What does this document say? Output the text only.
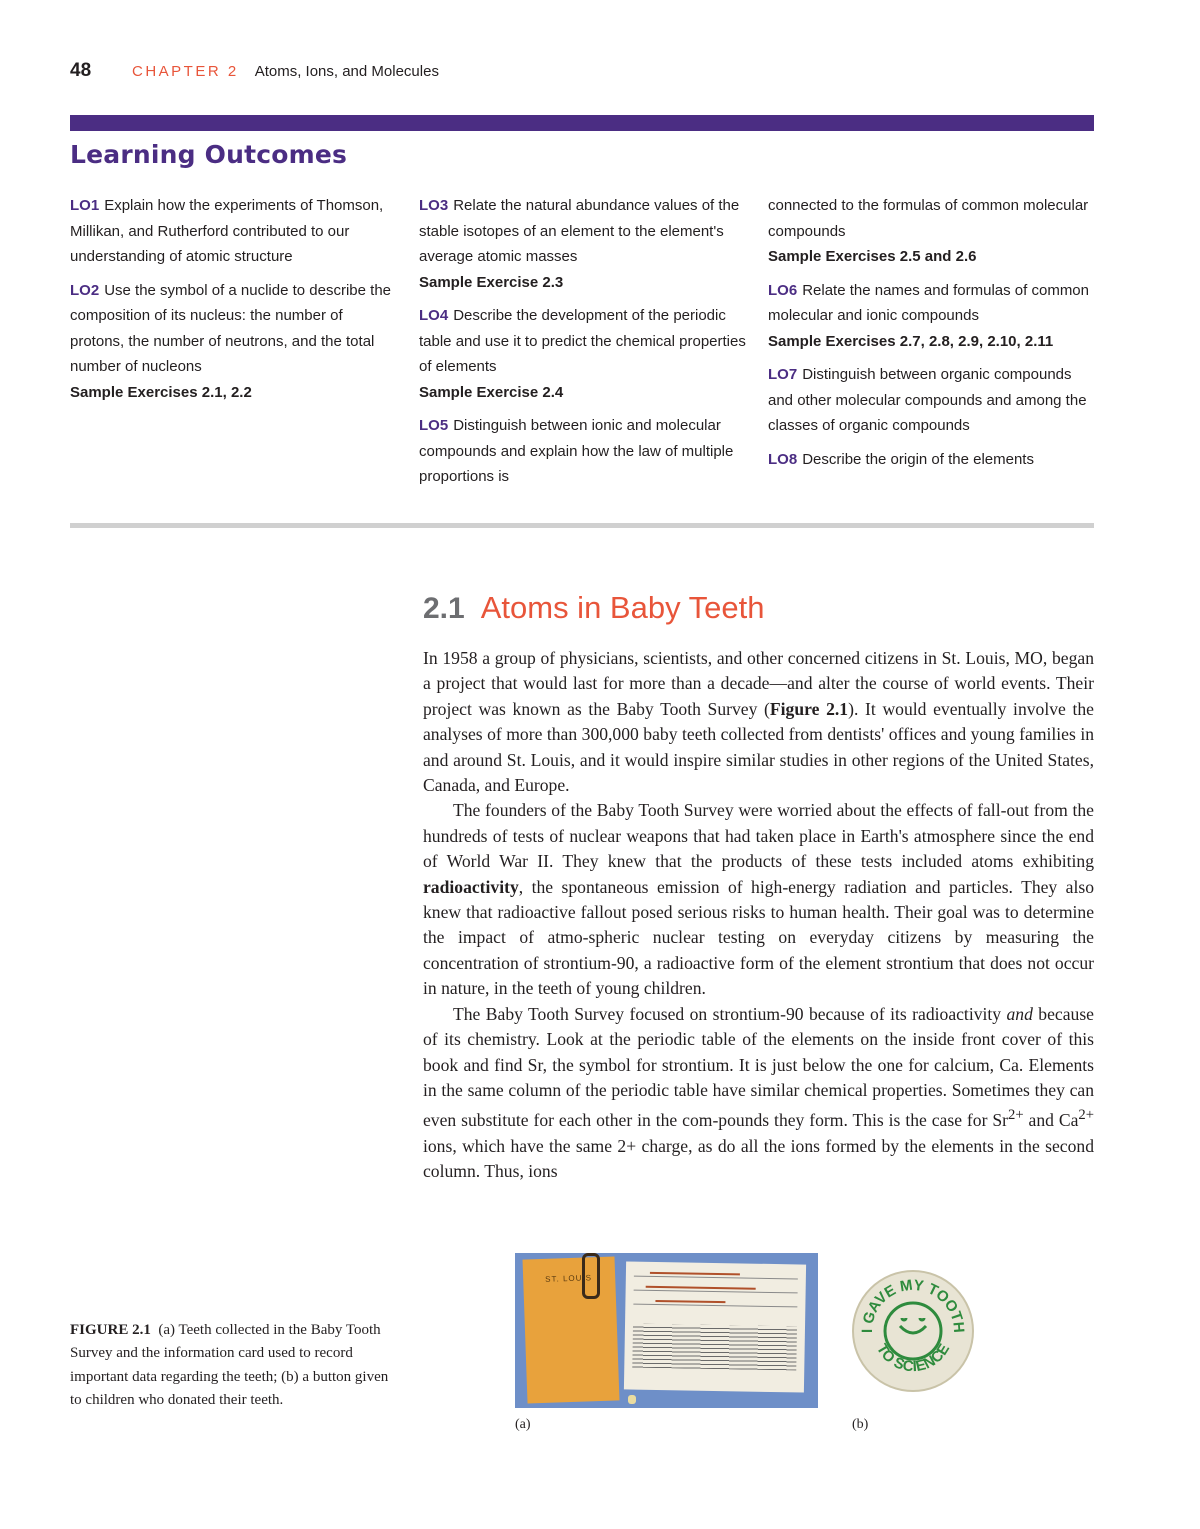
48	CHAPTER 2 Atoms, Ions, and Molecules
Learning Outcomes
LO1 Explain how the experiments of Thomson, Millikan, and Rutherford contributed to our understanding of atomic structure
LO2 Use the symbol of a nuclide to describe the composition of its nucleus: the number of protons, the number of neutrons, and the total number of nucleons
Sample Exercises 2.1, 2.2
LO3 Relate the natural abundance values of the stable isotopes of an element to the element's average atomic masses
Sample Exercise 2.3
LO4 Describe the development of the periodic table and use it to predict the chemical properties of elements
Sample Exercise 2.4
LO5 Distinguish between ionic and molecular compounds and explain how the law of multiple proportions is
connected to the formulas of common molecular compounds
Sample Exercises 2.5 and 2.6
LO6 Relate the names and formulas of common molecular and ionic compounds
Sample Exercises 2.7, 2.8, 2.9, 2.10, 2.11
LO7 Distinguish between organic compounds and other molecular compounds and among the classes of organic compounds
LO8 Describe the origin of the elements
2.1 Atoms in Baby Teeth

In 1958 a group of physicians, scientists, and other concerned citizens in St. Louis, MO, began a project that would last for more than a decade—and alter the course of world events. Their project was known as the Baby Tooth Survey (Figure 2.1). It would eventually involve the analyses of more than 300,000 baby teeth collected from dentists' offices and young families in and around St. Louis, and it would inspire similar studies in other regions of the United States, Canada, and Europe.

The founders of the Baby Tooth Survey were worried about the effects of fall-out from the hundreds of tests of nuclear weapons that had taken place in Earth's atmosphere since the end of World War II. They knew that the products of these tests included atoms exhibiting radioactivity, the spontaneous emission of high-energy radiation and particles. They also knew that radioactive fallout posed serious risks to human health. Their goal was to determine the impact of atmo-spheric nuclear testing on everyday citizens by measuring the concentration of strontium-90, a radioactive form of the element strontium that does not occur in nature, in the teeth of young children.

The Baby Tooth Survey focused on strontium-90 because of its radioactivity and because of its chemistry. Look at the periodic table of the elements on the inside front cover of this book and find Sr, the symbol for strontium. It is just below the one for calcium, Ca. Elements in the same column of the periodic table have similar chemical properties. Sometimes they can even substitute for each other in the com-pounds they form. This is the case for $Sr^{2+}$ and $Ca^{2+}$ ions, which have the same 2+ charge, as do all the ions formed by the elements in the second column. Thus, ions

FIGURE 2.1 (a) Teeth collected in the Baby Tooth Survey and the information card used to record important data regarding the teeth; (b) a button given to children who donated their teeth.
ST. LOUIS
(a)
I GAVE MY TOOTH
TO SCIENCE
(b)
